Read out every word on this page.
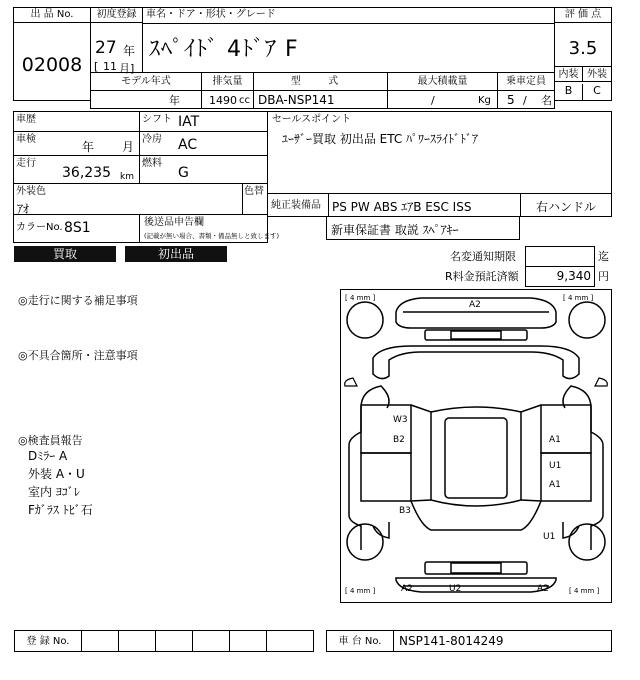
出 品 No.
02008
初度登録
27 年
[ 11 月]
車名・ドア・形状・グレード
ｽﾍﾟｲﾄﾞ 4ﾄﾞｱ F
評 価 点
3.5
内装 外装
B	C
モデル年式	排気量	型 式	最大積載量	乗車定員
年	1490 cc DBA-NSP141	/	Kg 5 / 名
車歴	シフト IAT
車検
年 月
冷房 AC
走行
36,235 km
燃料
G
外装色
ｱｵ
色替
カラーNo. 8S1	後送品申告欄
(記載が無い場合、書類・備品無しと致します)
セールスポイント
ﾕｰｻﾞｰ買取 初出品 ETC ﾊﾟﾜｰｽﾗｲﾄﾞﾄﾞｱ
純正装備品 PS PW ABS ｴｱB ESC ISS	右ハンドル
新車保証書 取説 ｽﾍﾟｱｷｰ
買取	初出品	名変通知期限	迄
R料金預託済額	9,340 円
◎走行に関する補足事項
◎不具合箇所・注意事項
◎検査員報告
Dﾐﾗｰ A
外装 A・U
室内 ﾖｺﾞﾚ
Fｶﾞﾗｽ ﾄﾋﾞ石
[ 4 mm ]	[ 4 mm ]
[ 4 mm ]	[ 4 mm ]
A2
W3
B2	A1
U1
A1
B3
U1
A2	U2	A2
登 録 No.	車 台 No.	NSP141-8014249
